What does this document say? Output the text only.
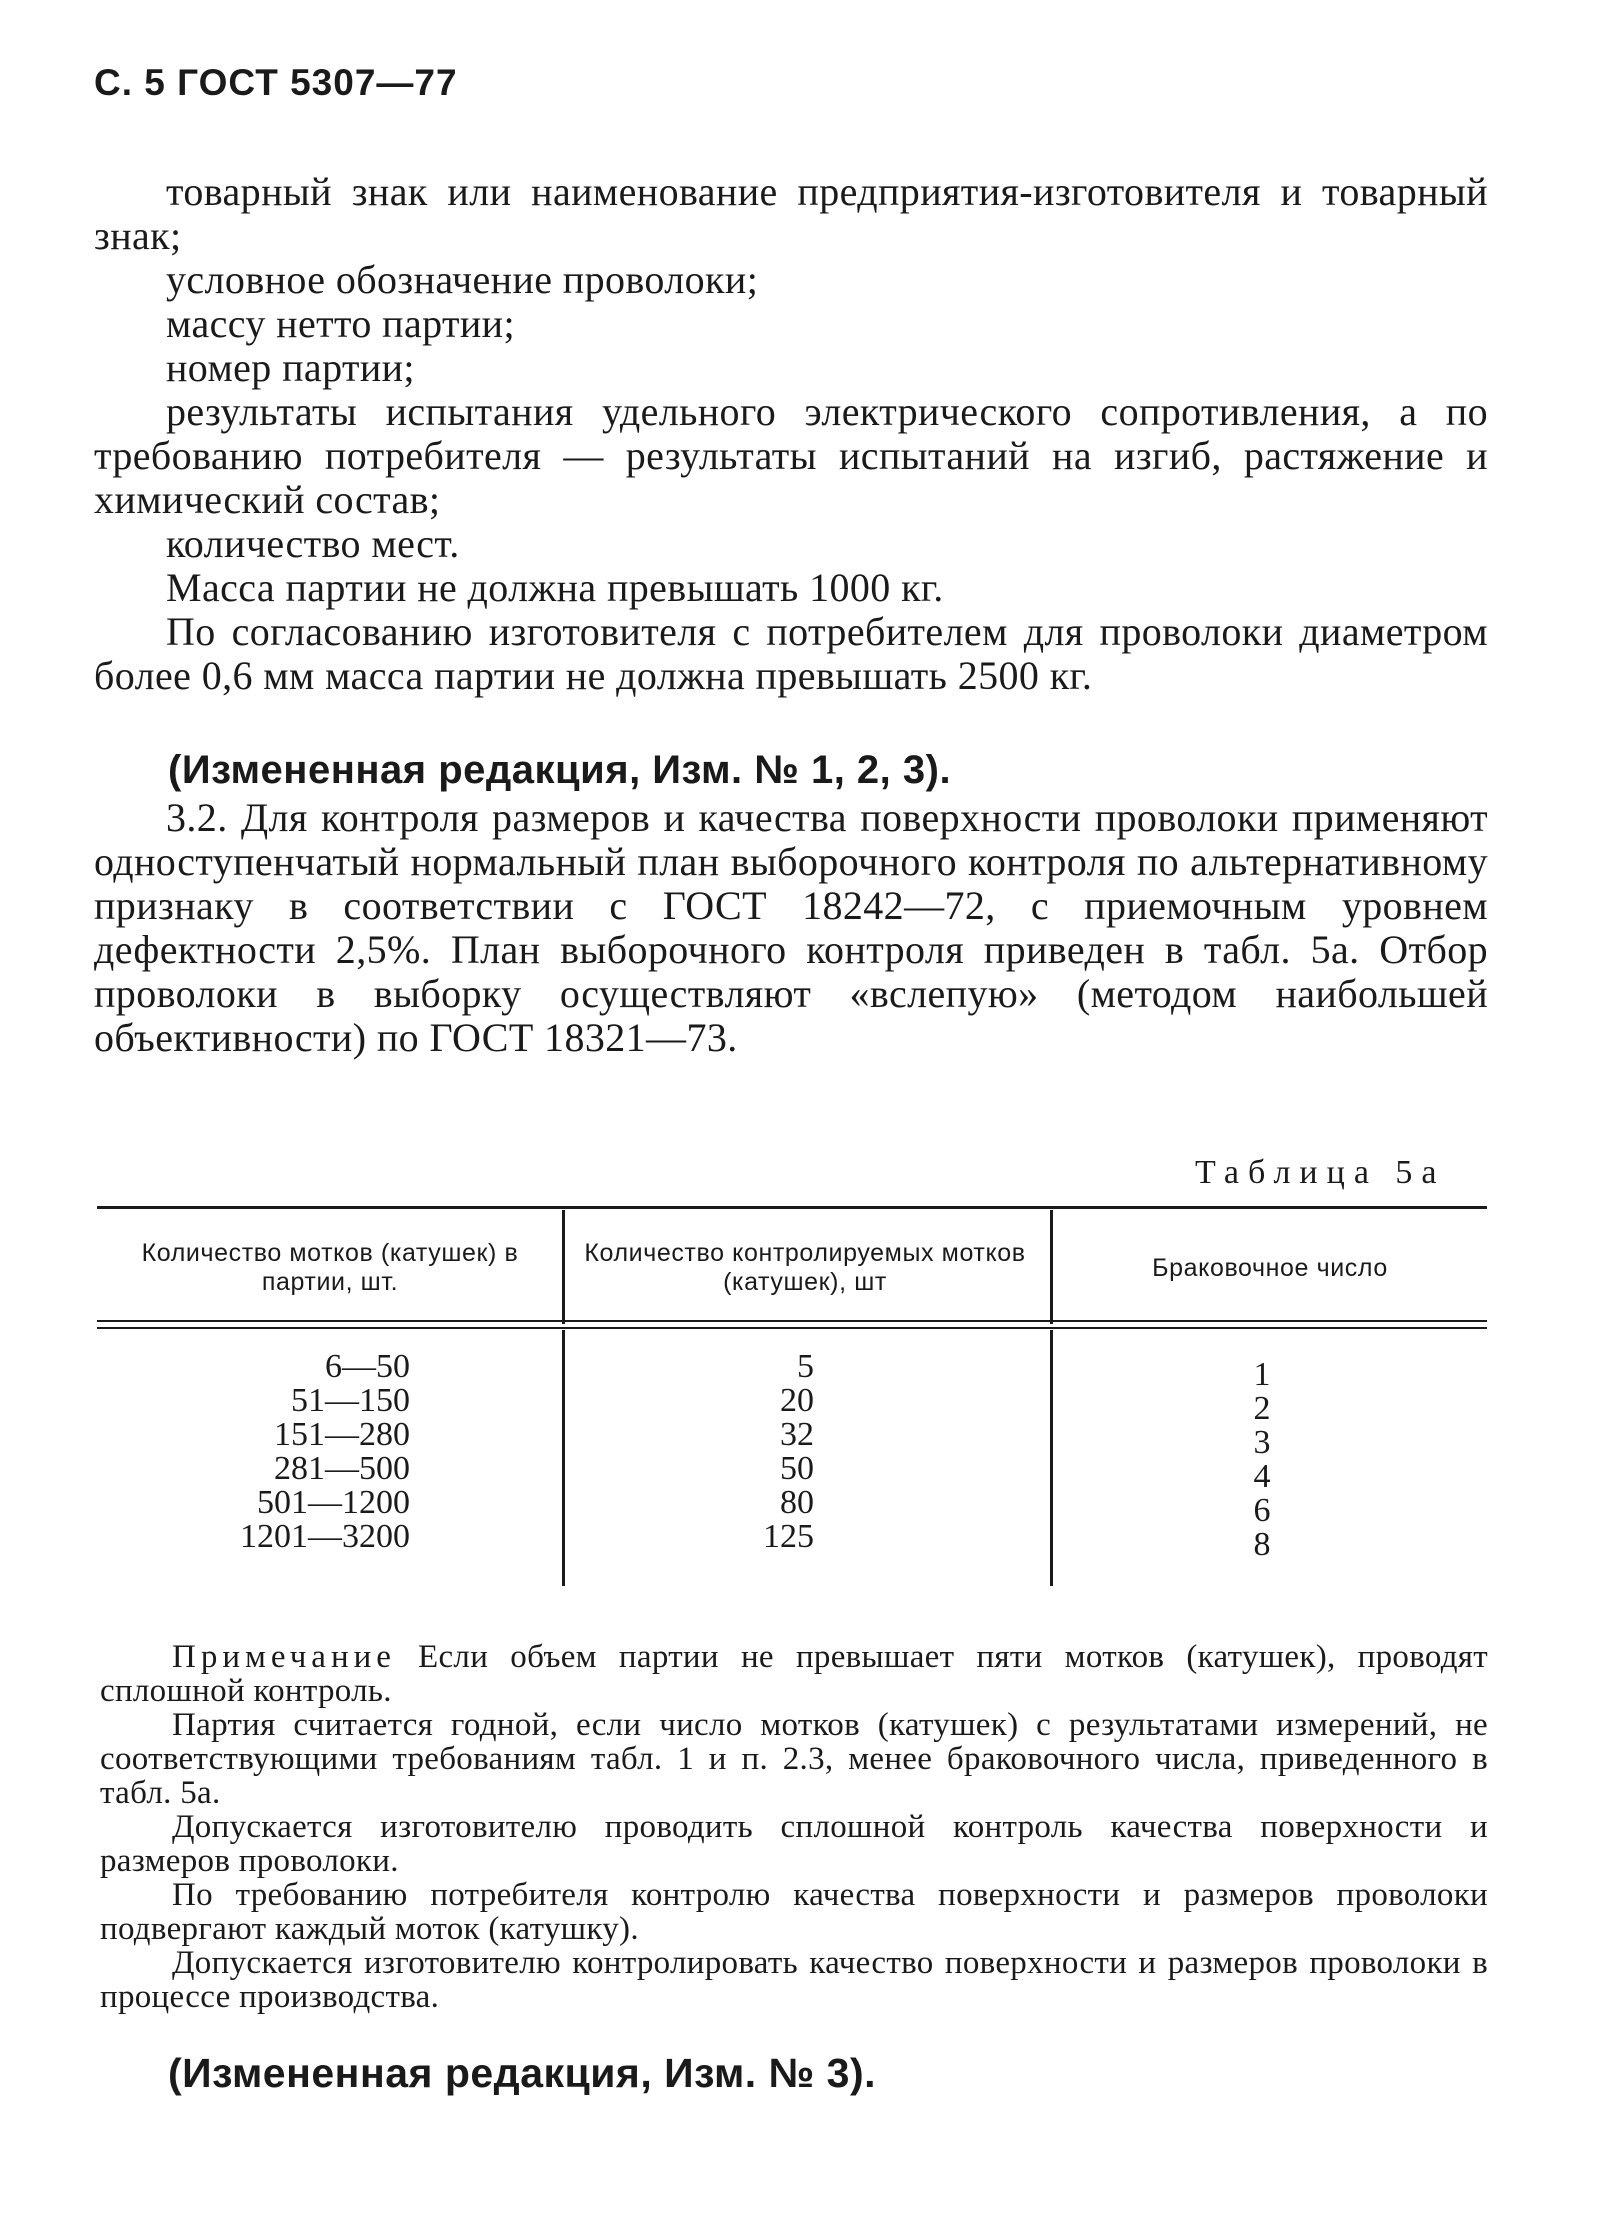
С. 5 ГОСТ 5307—77

товарный знак или наименование предприятия-изготовителя и товарный знак;

условное обозначение проволоки;

массу нетто партии;

номер партии;

результаты испытания удельного электрического сопротивления, а по требованию потребителя — результаты испытаний на изгиб, растяжение и химический состав;

количество мест.

Масса партии не должна превышать 1000 кг.

По согласованию изготовителя с потребителем для проволоки диаметром более 0,6 мм масса партии не должна превышать 2500 кг.

(Измененная редакция, Изм. № 1, 2, 3).

3.2. Для контроля размеров и качества поверхности проволоки применяют одноступенчатый нормальный план выборочного контроля по альтернативному признаку в соответствии с ГОСТ 18242—72, с приемочным уровнем дефектности 2,5%. План выборочного контроля приведен в табл. 5а. Отбор проволоки в выборку осуществляют «вслепую» (методом наибольшей объективности) по ГОСТ 18321—73.

Таблица 5а
Количество мотков (катушек) в партии, шт.
Количество контролируемых мотков (катушек), шт
Браковочное число
6—50
51—150
151—280
281—500
501—1200
1201—3200
5
20
32
50
80
125
1
2
3
4
6
8

Примечание Если объем партии не превышает пяти мотков (катушек), проводят сплошной контроль.

Партия считается годной, если число мотков (катушек) с результатами измерений, не соответствующими требованиям табл. 1 и п. 2.3, менее браковочного числа, приведенного в табл. 5а.

Допускается изготовителю проводить сплошной контроль качества поверхности и размеров проволоки.

По требованию потребителя контролю качества поверхности и размеров проволоки подвергают каждый моток (катушку).

Допускается изготовителю контролировать качество поверхности и размеров проволоки в процессе производства.

(Измененная редакция, Изм. № 3).
